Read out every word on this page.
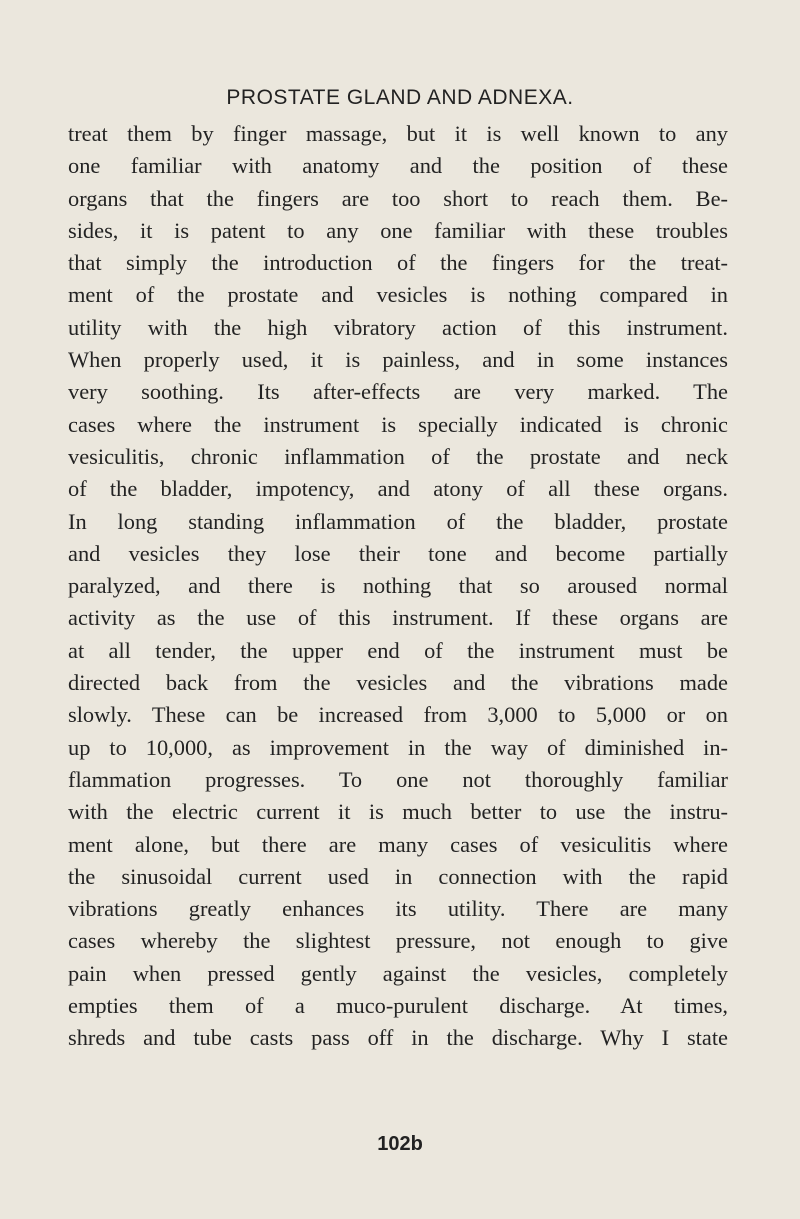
PROSTATE GLAND AND ADNEXA.
treat them by finger massage, but it is well known to any
one familiar with anatomy and the position of these
organs that the fingers are too short to reach them. Be-
sides, it is patent to any one familiar with these troubles
that simply the introduction of the fingers for the treat-
ment of the prostate and vesicles is nothing compared in
utility with the high vibratory action of this instrument.
When properly used, it is painless, and in some instances
very soothing. Its after-effects are very marked. The
cases where the instrument is specially indicated is chronic
vesiculitis, chronic inflammation of the prostate and neck
of the bladder, impotency, and atony of all these organs.
In long standing inflammation of the bladder, prostate
and vesicles they lose their tone and become partially
paralyzed, and there is nothing that so aroused normal
activity as the use of this instrument. If these organs are
at all tender, the upper end of the instrument must be
directed back from the vesicles and the vibrations made
slowly. These can be increased from 3,000 to 5,000 or on
up to 10,000, as improvement in the way of diminished in-
flammation progresses. To one not thoroughly familiar
with the electric current it is much better to use the instru-
ment alone, but there are many cases of vesiculitis where
the sinusoidal current used in connection with the rapid
vibrations greatly enhances its utility. There are many
cases whereby the slightest pressure, not enough to give
pain when pressed gently against the vesicles, completely
empties them of a muco-purulent discharge. At times,
shreds and tube casts pass off in the discharge. Why I state
102b
